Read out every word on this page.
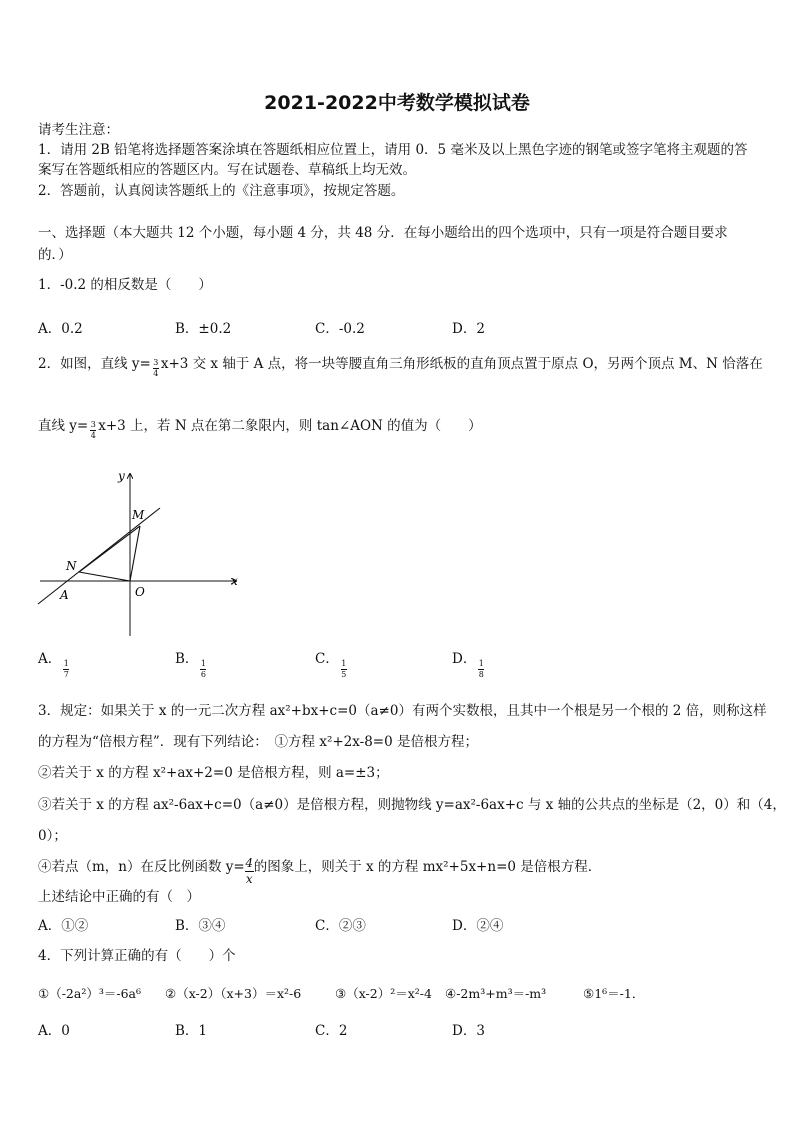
2021-2022中考数学模拟试卷
请考生注意：
1．请用 2B 铅笔将选择题答案涂填在答题纸相应位置上，请用 0．5 毫米及以上黑色字迹的钢笔或签字笔将主观题的答
案写在答题纸相应的答题区内。写在试题卷、草稿纸上均无效。
2．答题前，认真阅读答题纸上的《注意事项》，按规定答题。
一、选择题（本大题共 12 个小题，每小题 4 分，共 48 分．在每小题给出的四个选项中，只有一项是符合题目要求
的．）
1．-0.2 的相反数是（　　）
A．0.2	B．±0.2	C．-0.2	D．2
2．如图，直线 $y= \frac{3}{4} x+3$ 交 x 轴于 A 点，将一块等腰直角三角形纸板的直角顶点置于原点 O，另两个顶点 M、N 恰落在
直线 $y= \frac{3}{4} x+3$ 上，若 N 点在第二象限内，则 tan∠AON 的值为（　　）
y
x
M
N
A	O
A．
$\frac{1}{7}$
B．
$\frac{1}{6}$
C．
$\frac{1}{5}$
D．
$\frac{1}{8}$
3．规定：如果关于 x 的一元二次方程 ax²+bx+c=0（a≠0）有两个实数根，且其中一个根是另一个根的 2 倍，则称这样
的方程为“倍根方程”．现有下列结论：　①方程 x²+2x-8=0 是倍根方程；
②若关于 x 的方程 x²+ax+2=0 是倍根方程，则 a=±3；
③若关于 x 的方程 ax²-6ax+c=0（a≠0）是倍根方程，则抛物线 y=ax²-6ax+c 与 x 轴的公共点的坐标是（2，0）和（4，
0）；
④若点（m，n）在反比例函数 $y= \frac{4}{x}$ 的图象上，则关于 x 的方程 mx²+5x+n=0 是倍根方程．
上述结论中正确的有（　）
A．①②	B．③④	C．②③	D．②④
4．下列计算正确的有（　　）个
①（-2a²）³＝-6a⁶ ②（x-2）（x+3）＝x²-6	③（x-2）²＝x²-4 ④-2m³+m³＝-m³	⑤1⁶＝-1．
A．0	B．1	C．2	D．3
